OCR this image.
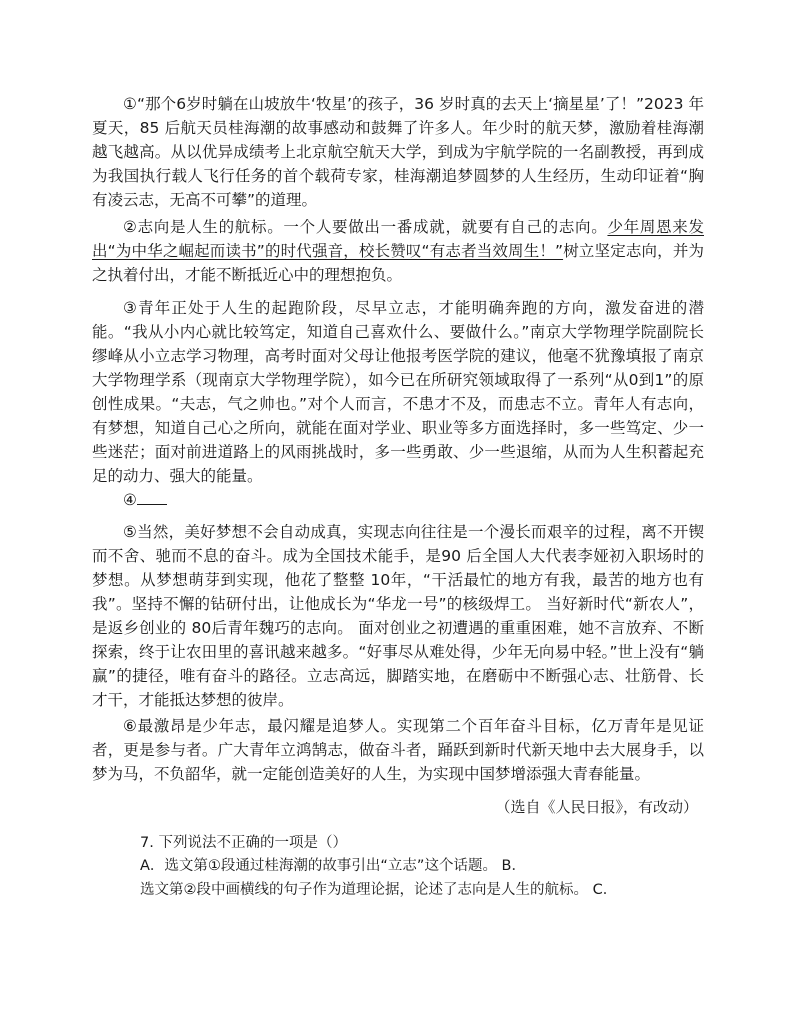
①“那个6岁时躺在山坡放牛‘牧星’的孩子，36 岁时真的去天上‘摘星星’了！”2023 年夏天，85 后航天员桂海潮的故事感动和鼓舞了许多人。年少时的航天梦，激励着桂海潮越飞越高。从以优异成绩考上北京航空航天大学，到成为宇航学院的一名副教授，再到成为我国执行载人飞行任务的首个载荷专家，桂海潮追梦圆梦的人生经历，生动印证着“胸有凌云志，无高不可攀”的道理。

②志向是人生的航标。一个人要做出一番成就，就要有自己的志向。少年周恩来发出“为中华之崛起而读书”的时代强音，校长赞叹“有志者当效周生！”树立坚定志向，并为之执着付出，才能不断抵近心中的理想抱负。

③青年正处于人生的起跑阶段，尽早立志，才能明确奔跑的方向，激发奋进的潜能。“我从小内心就比较笃定，知道自己喜欢什么、要做什么。”南京大学物理学院副院长缪峰从小立志学习物理，高考时面对父母让他报考医学院的建议，他毫不犹豫填报了南京大学物理学系（现南京大学物理学院），如今已在所研究领域取得了一系列“从0到1”的原创性成果。“夫志，气之帅也。”对个人而言，不患才不及，而患志不立。青年人有志向，有梦想，知道自己心之所向，就能在面对学业、职业等多方面选择时，多一些笃定、少一些迷茫；面对前进道路上的风雨挑战时，多一些勇敢、少一些退缩，从而为人生积蓄起充足的动力、强大的能量。

④

⑤当然，美好梦想不会自动成真，实现志向往往是一个漫长而艰辛的过程，离不开锲而不舍、驰而不息的奋斗。成为全国技术能手，是90 后全国人大代表李娅初入职场时的梦想。从梦想萌芽到实现，他花了整整 10年，“干活最忙的地方有我，最苦的地方也有我”。坚持不懈的钻研付出，让他成长为“华龙一号”的核级焊工。 当好新时代“新农人”，是返乡创业的 80后青年魏巧的志向。 面对创业之初遭遇的重重困难，她不言放弃、不断探索，终于让农田里的喜讯越来越多。“好事尽从难处得，少年无向易中轻。”世上没有“躺赢”的捷径，唯有奋斗的路径。立志高远，脚踏实地，在磨砺中不断强心志、壮筋骨、长才干，才能抵达梦想的彼岸。

⑥最激昂是少年志，最闪耀是追梦人。实现第二个百年奋斗目标，亿万青年是见证者，更是参与者。广大青年立鸿鹄志，做奋斗者，踊跃到新时代新天地中去大展身手，以梦为马，不负韶华，就一定能创造美好的人生，为实现中国梦增添强大青春能量。

（选自《人民日报》，有改动）

7. 下列说法不正确的一项是（）

A．选文第①段通过桂海潮的故事引出“立志”这个话题。 B．

选文第②段中画横线的句子作为道理论据，论述了志向是人生的航标。 C．
